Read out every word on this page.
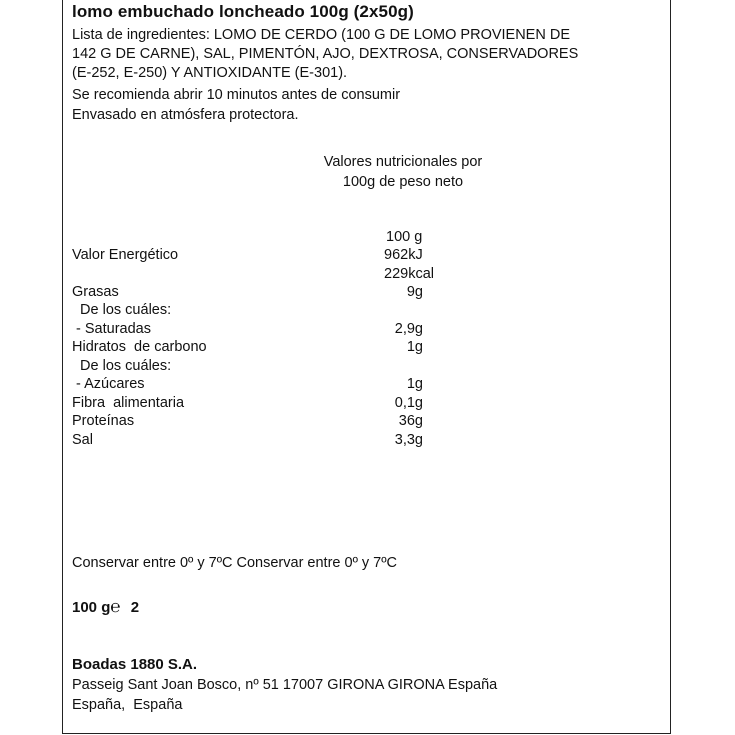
lomo embuchado loncheado 100g (2x50g)
Lista de ingredientes: LOMO DE CERDO (100 G DE LOMO PROVIENEN DE
142 G DE CARNE), SAL, PIMENTÓN, AJO, DEXTROSA, CONSERVADORES
(E-252, E-250) Y ANTIOXIDANTE (E-301).
Se recomienda abrir 10 minutos antes de consumir
Envasado en atmósfera protectora.
Valores nutricionales por
100g de peso neto
100 g
Valor Energético	962kJ
229kcal
Grasas	9g
De los cuáles:
- Saturadas	2,9g
Hidratos  de carbono	1g
De los cuáles:
- Azúcares	1g
Fibra  alimentaria	0,1g
Proteínas	36g
Sal	3,3g
Conservar entre 0º y 7ºC Conservar entre 0º y 7ºC
100 g℮ 2
Boadas 1880 S.A.
Passeig Sant Joan Bosco, nº 51 17007 GIRONA GIRONA España
España,  España
